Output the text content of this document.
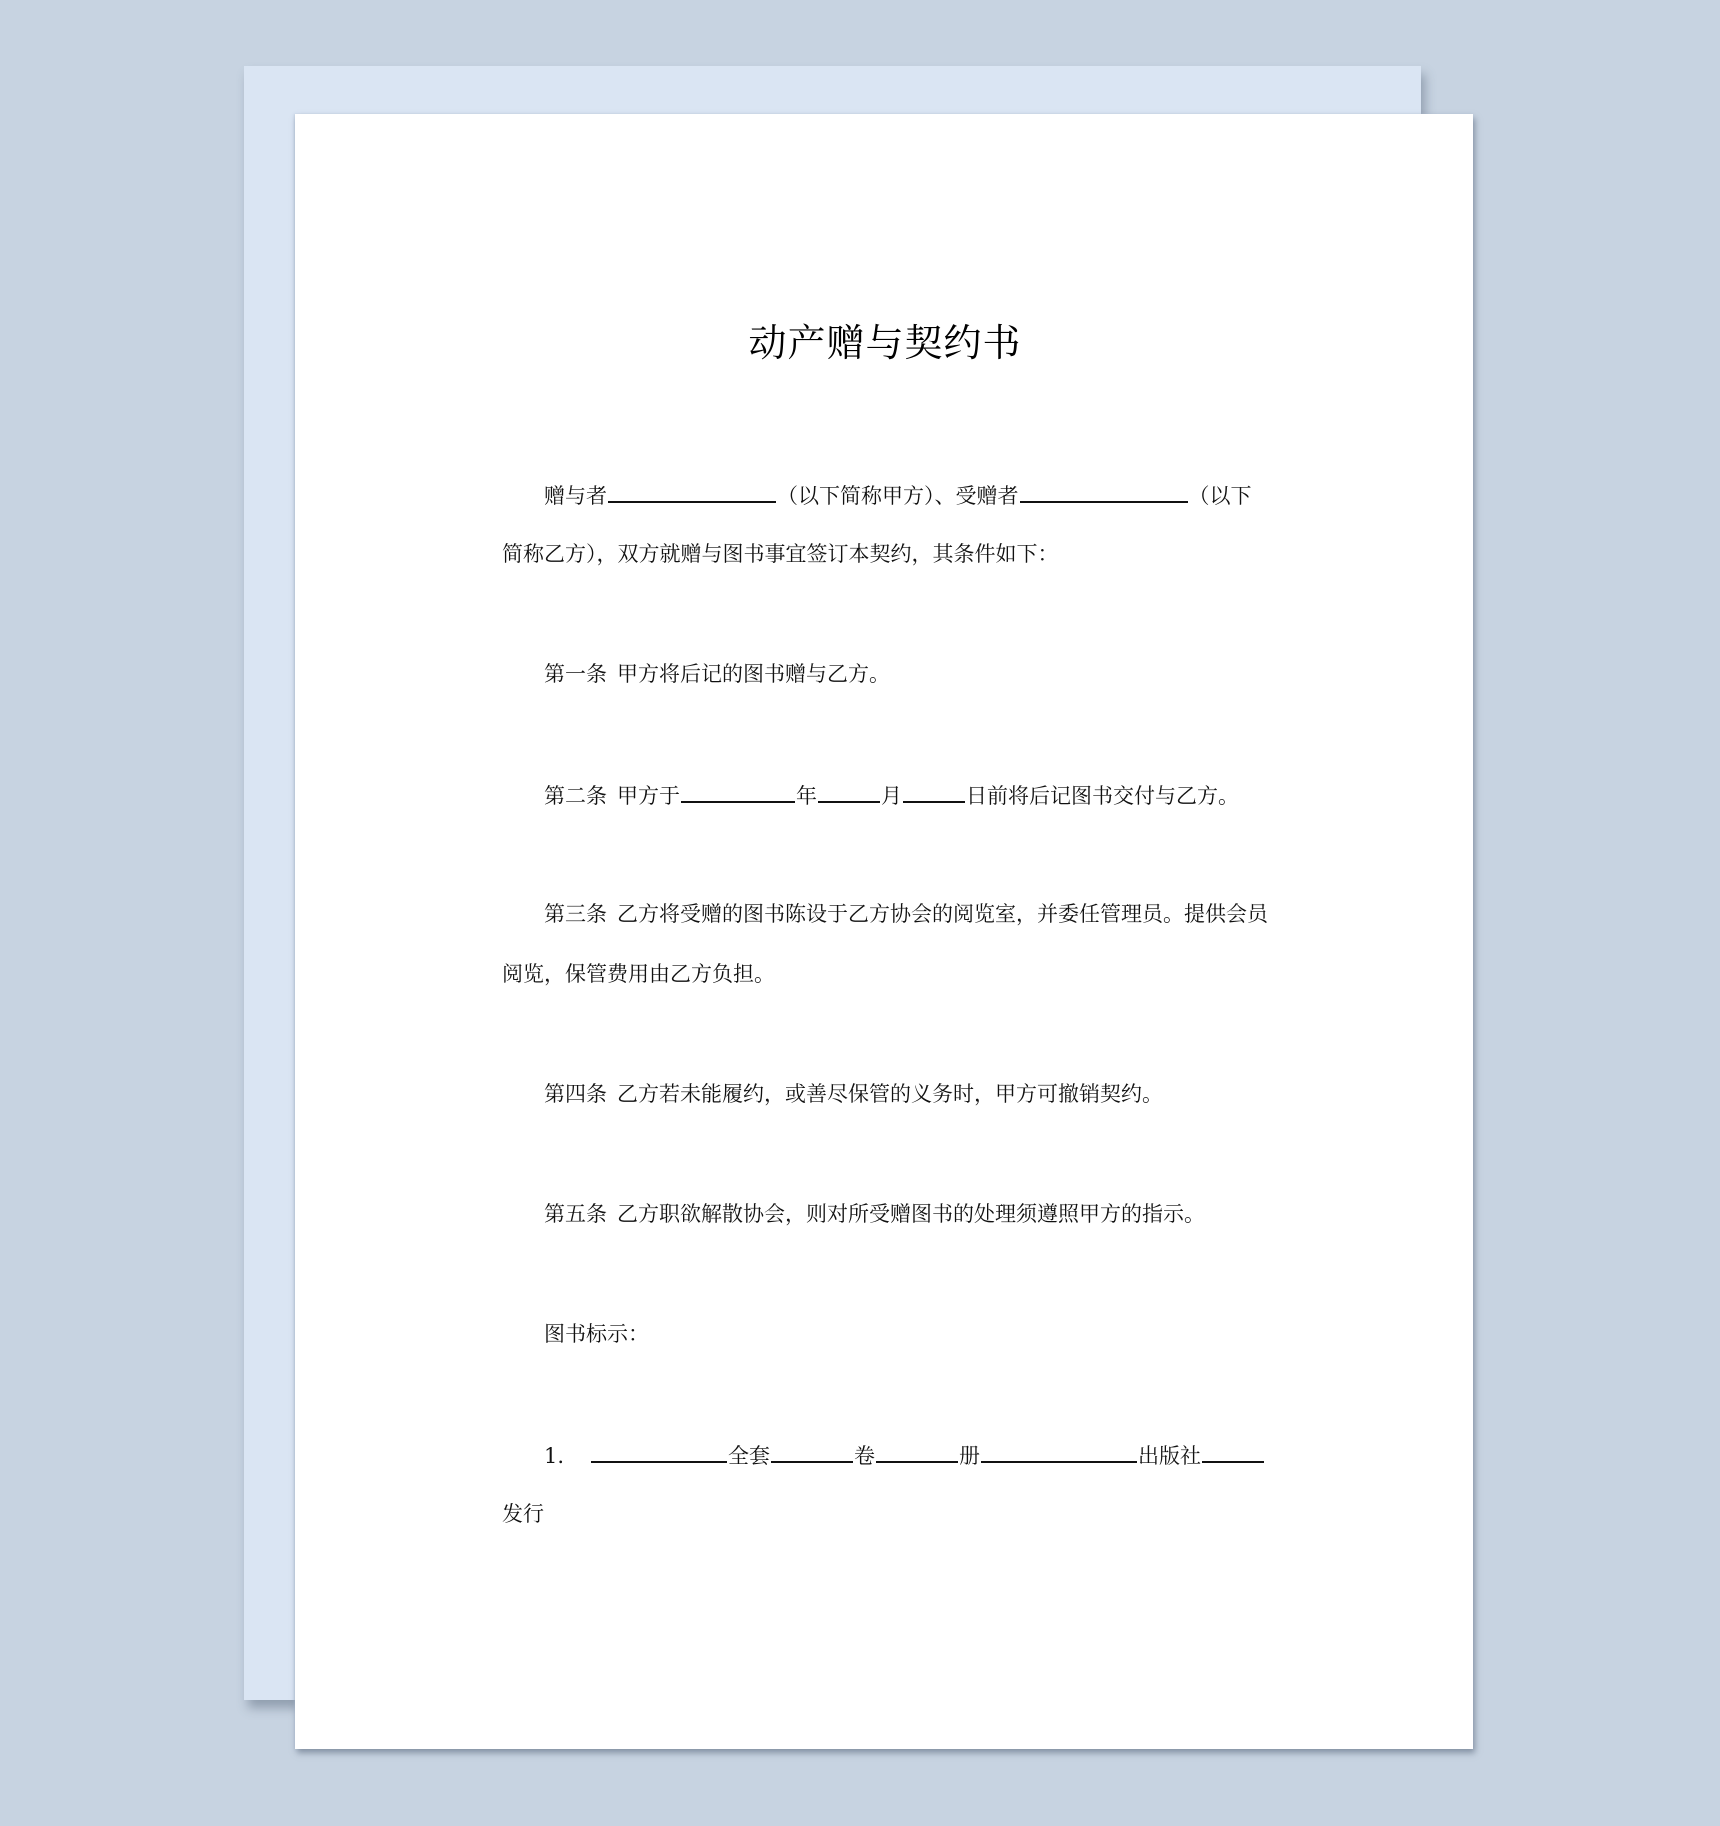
动产赠与契约书
赠与者	（以下简称甲方）、受赠者	（以下
简称乙方），双方就赠与图书事宜签订本契约，其条件如下：
第一条 甲方将后记的图书赠与乙方。
第二条 甲方于	年	月	日前将后记图书交付与乙方。
第三条 乙方将受赠的图书陈设于乙方协会的阅览室，并委任管理员。提供会员
阅览，保管费用由乙方负担。
第四条 乙方若未能履约，或善尽保管的义务时，甲方可撤销契约。
第五条 乙方职欲解散协会，则对所受赠图书的处理须遵照甲方的指示。
图书标示：
1.	全套	卷	册	出版社
发行
